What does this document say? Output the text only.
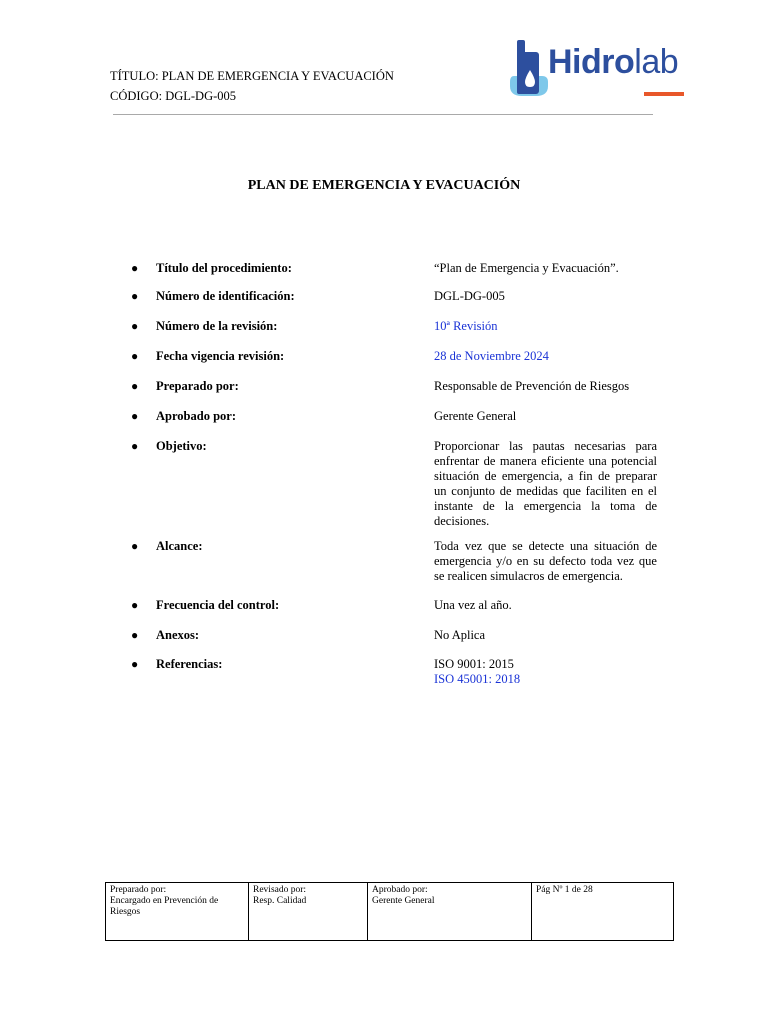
TÍTULO: PLAN DE EMERGENCIA Y EVACUACIÓN
CÓDIGO: DGL-DG-005
Hidrolab
PLAN DE EMERGENCIA Y EVACUACIÓN
● Título del procedimiento:	“Plan de Emergencia y Evacuación”.
● Número de identificación:	DGL-DG-005
● Número de la revisión:	10ª Revisión
● Fecha vigencia revisión:	28 de Noviembre 2024
● Preparado por:	Responsable de Prevención de Riesgos
● Aprobado por:	Gerente General
● Objetivo:	Proporcionar las pautas necesarias para enfrentar de manera eficiente una potencial situación de emergencia, a fin de preparar un conjunto de medidas que faciliten en el instante de la emergencia la toma de decisiones.
● Alcance:	Toda vez que se detecte una situación de emergencia y/o en su defecto toda vez que se realicen simulacros de emergencia.
● Frecuencia del control:	Una vez al año.
● Anexos:	No Aplica
● Referencias:	ISO 9001: 2015
ISO 45001: 2018
Preparado por:
Encargado en Prevención de Riesgos

Revisado por:
Resp. Calidad

Aprobado por:
Gerente General

Pág Nº 1 de 28
